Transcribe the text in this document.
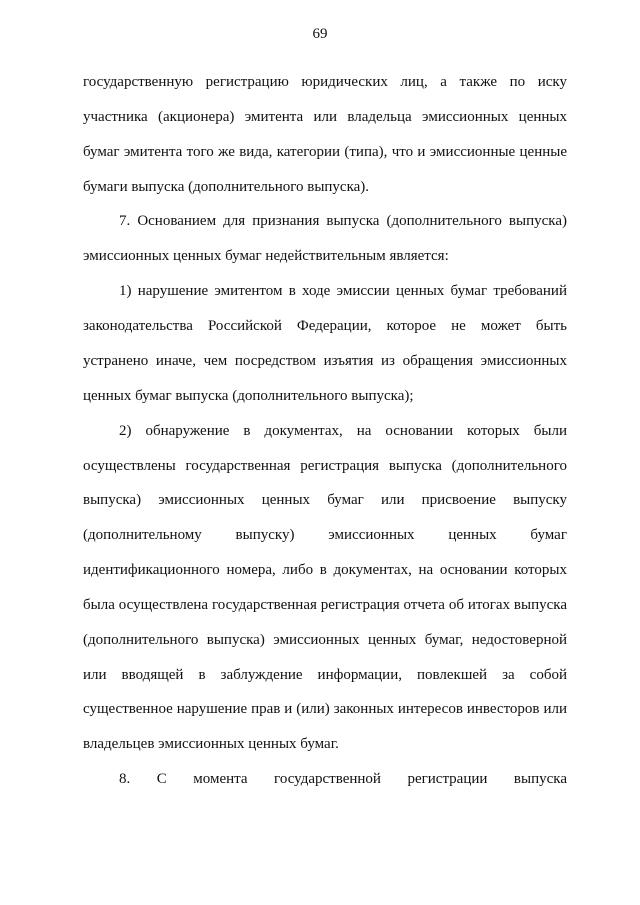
69
государственную регистрацию юридических лиц, а также по иску
участника (акционера) эмитента или владельца эмиссионных ценных
бумаг эмитента того же вида, категории (типа), что и эмиссионные ценные
бумаги выпуска (дополнительного выпуска).
7. Основанием для признания выпуска (дополнительного выпуска)
эмиссионных ценных бумаг недействительным является:
1) нарушение эмитентом в ходе эмиссии ценных бумаг требований
законодательства Российской Федерации, которое не может быть
устранено иначе, чем посредством изъятия из обращения эмиссионных
ценных бумаг выпуска (дополнительного выпуска);
2) обнаружение в документах, на основании которых были
осуществлены государственная регистрация выпуска (дополнительного
выпуска) эмиссионных ценных бумаг или присвоение выпуску
(дополнительному выпуску) эмиссионных ценных бумаг
идентификационного номера, либо в документах, на основании которых
была осуществлена государственная регистрация отчета об итогах выпуска
(дополнительного выпуска) эмиссионных ценных бумаг, недостоверной
или вводящей в заблуждение информации, повлекшей за собой
существенное нарушение прав и (или) законных интересов инвесторов или
владельцев эмиссионных ценных бумаг.
8. С момента государственной регистрации выпуска
